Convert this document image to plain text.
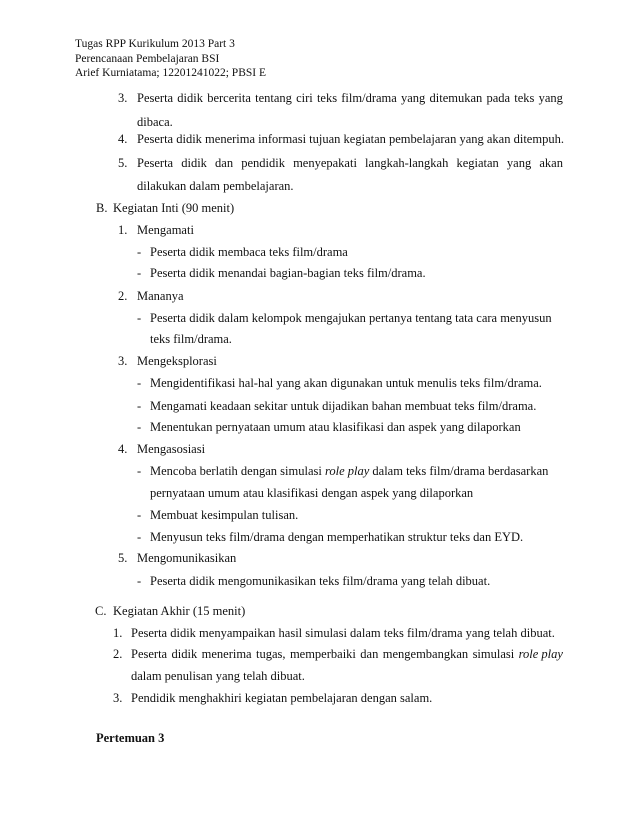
Tugas RPP Kurikulum 2013 Part 3
Perencanaan Pembelajaran BSI
Arief Kurniatama; 12201241022; PBSI E
3. Peserta didik bercerita tentang ciri teks film/drama yang ditemukan pada teks yang
dibaca.
4. Peserta didik menerima informasi tujuan kegiatan pembelajaran yang akan ditempuh.
5. Peserta didik dan pendidik menyepakati langkah-langkah kegiatan yang akan
dilakukan dalam pembelajaran.
B. Kegiatan Inti (90 menit)
1. Mengamati
- Peserta didik membaca teks film/drama
- Peserta didik menandai bagian-bagian teks film/drama.
2. Mananya
- Peserta didik dalam kelompok mengajukan pertanya tentang tata cara menyusun
teks film/drama.
3. Mengeksplorasi
- Mengidentifikasi hal-hal yang akan digunakan untuk menulis teks film/drama.
- Mengamati keadaan sekitar untuk dijadikan bahan membuat teks film/drama.
- Menentukan pernyataan umum atau klasifikasi dan aspek yang dilaporkan
4. Mengasosiasi
- Mencoba berlatih dengan simulasi role play dalam teks film/drama berdasarkan
pernyataan umum atau klasifikasi dengan aspek yang dilaporkan
- Membuat kesimpulan tulisan.
- Menyusun teks film/drama dengan memperhatikan struktur teks dan EYD.
5. Mengomunikasikan
- Peserta didik mengomunikasikan teks film/drama yang telah dibuat.
C. Kegiatan Akhir (15 menit)
1. Peserta didik menyampaikan hasil simulasi dalam teks film/drama yang telah dibuat.
2. Peserta didik menerima tugas, memperbaiki dan mengembangkan simulasi role play
dalam penulisan yang telah dibuat.
3. Pendidik menghakhiri kegiatan pembelajaran dengan salam.
Pertemuan 3
